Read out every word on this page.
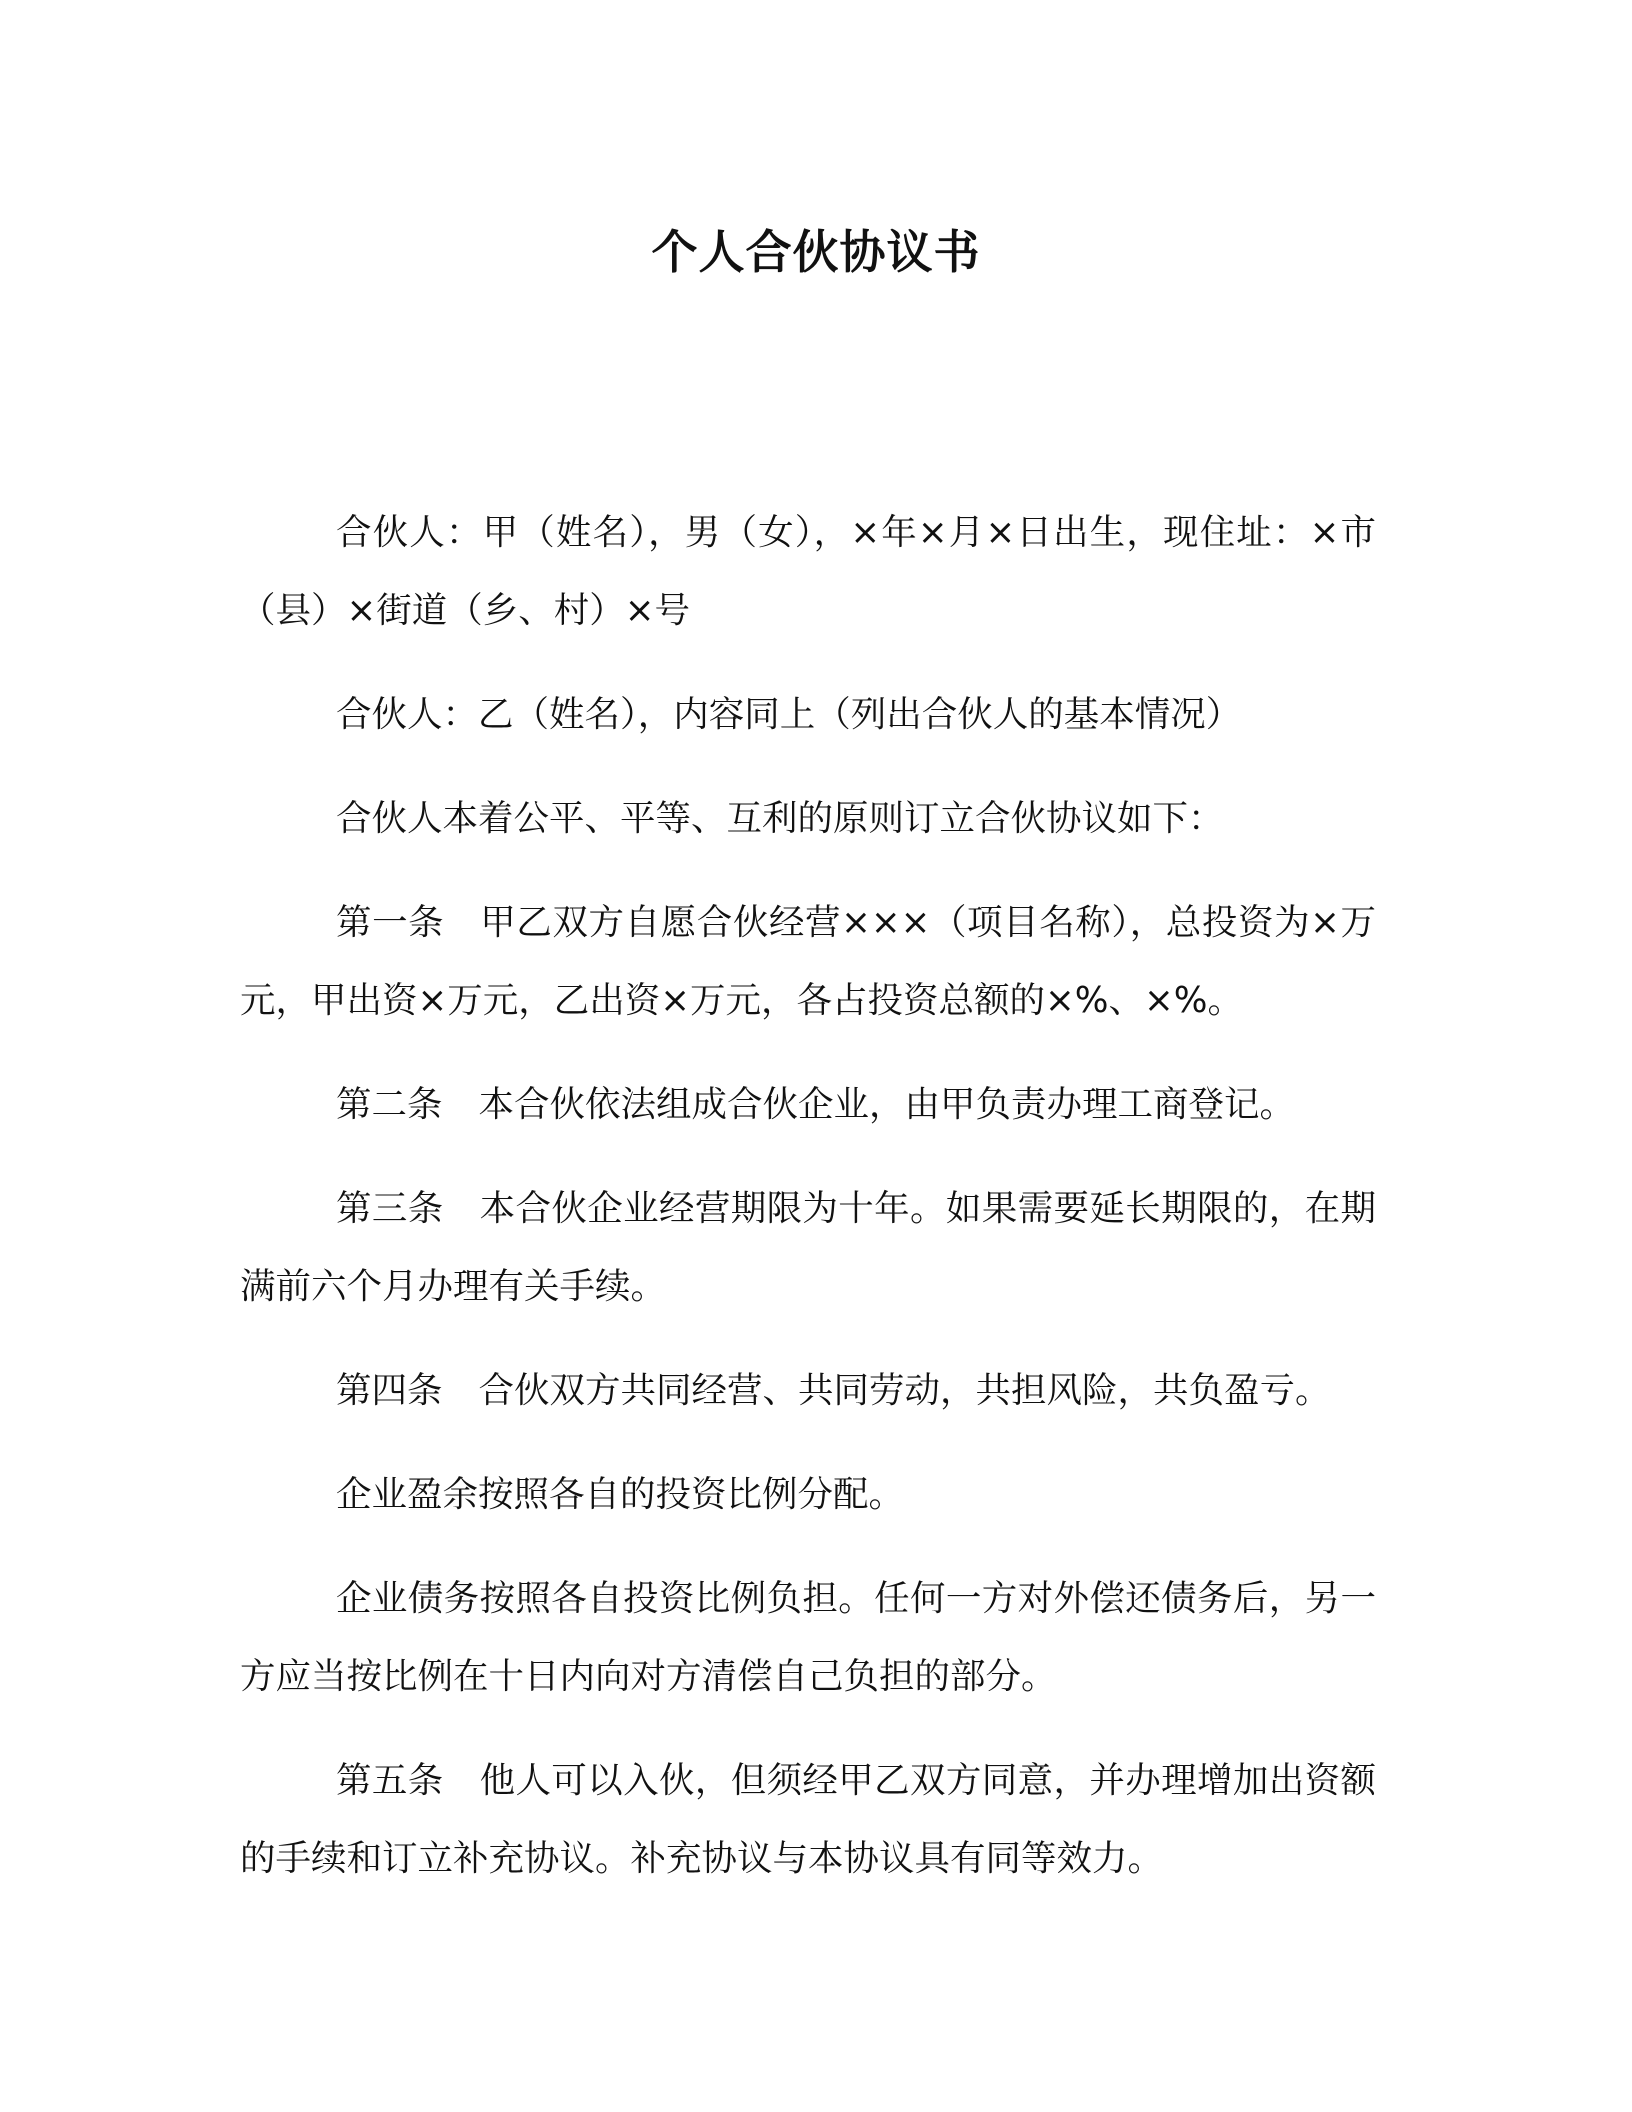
个人合伙协议书

合伙人：甲（姓名），男（女），×年×月×日出生，现住址：×市（县）×街道（乡、村）×号

合伙人：乙（姓名），内容同上（列出合伙人的基本情况）

合伙人本着公平、平等、互利的原则订立合伙协议如下：

第一条 甲乙双方自愿合伙经营×××（项目名称），总投资为×万元，甲出资×万元，乙出资×万元，各占投资总额的×%、×%。

第二条 本合伙依法组成合伙企业，由甲负责办理工商登记。

第三条 本合伙企业经营期限为十年。如果需要延长期限的，在期满前六个月办理有关手续。

第四条 合伙双方共同经营、共同劳动，共担风险，共负盈亏。

企业盈余按照各自的投资比例分配。

企业债务按照各自投资比例负担。任何一方对外偿还债务后，另一方应当按比例在十日内向对方清偿自己负担的部分。

第五条 他人可以入伙，但须经甲乙双方同意，并办理增加出资额的手续和订立补充协议。补充协议与本协议具有同等效力。
